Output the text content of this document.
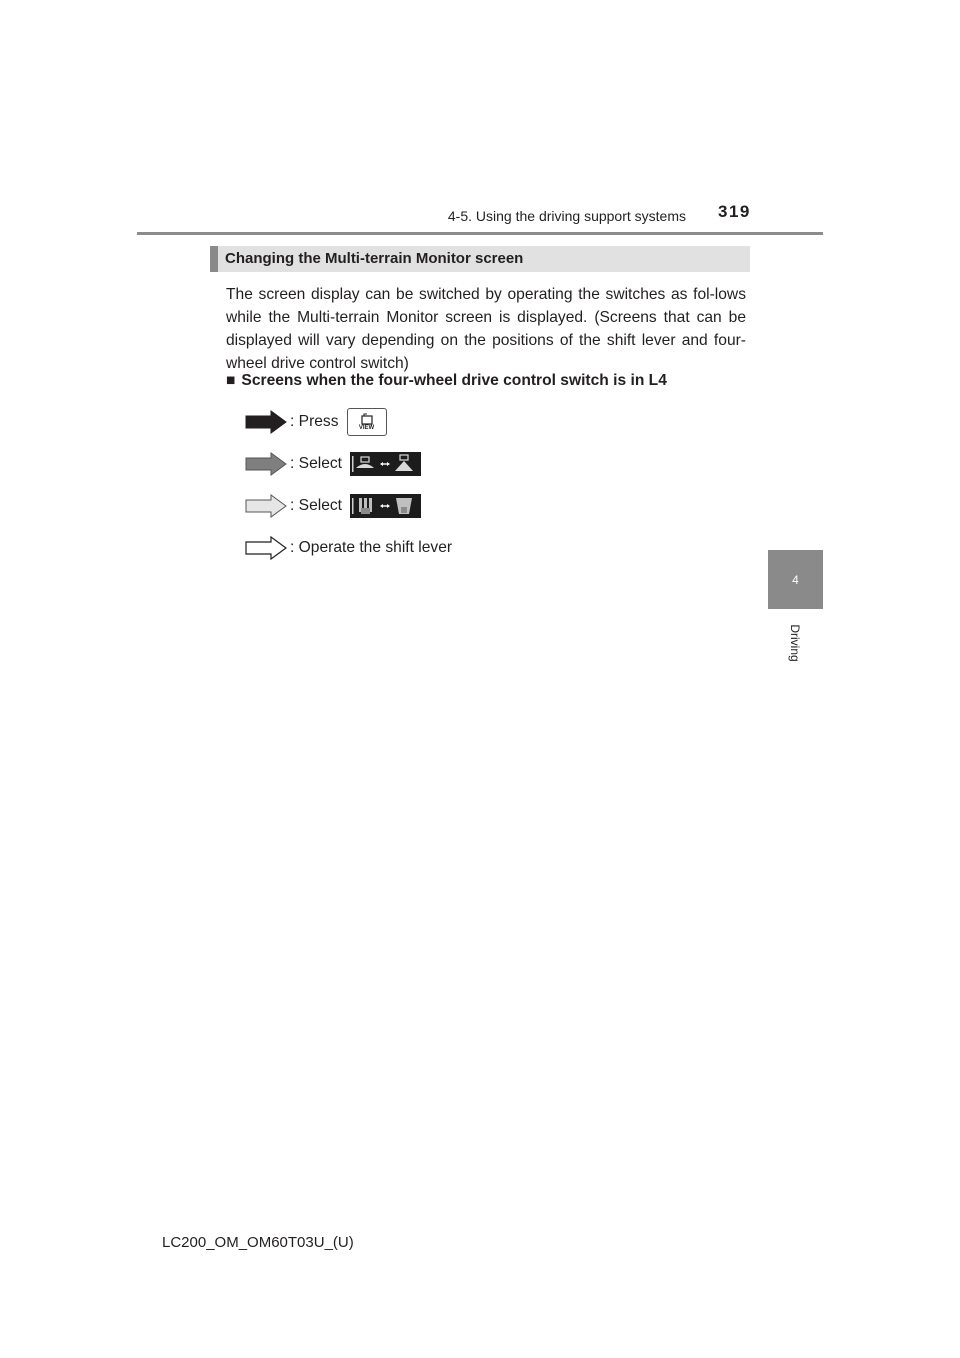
4-5. Using the driving support systems 319
4
Driving
Changing the Multi-terrain Monitor screen
The screen display can be switched by operating the switches as fol-lows while the Multi-terrain Monitor screen is displayed. (Screens that can be displayed will vary depending on the positions of the shift lever and four-wheel drive control switch)
■ Screens when the four-wheel drive control switch is in L4
: Press	VIEW
: Select
: Select
: Operate the shift lever
LC200_OM_OM60T03U_(U)
